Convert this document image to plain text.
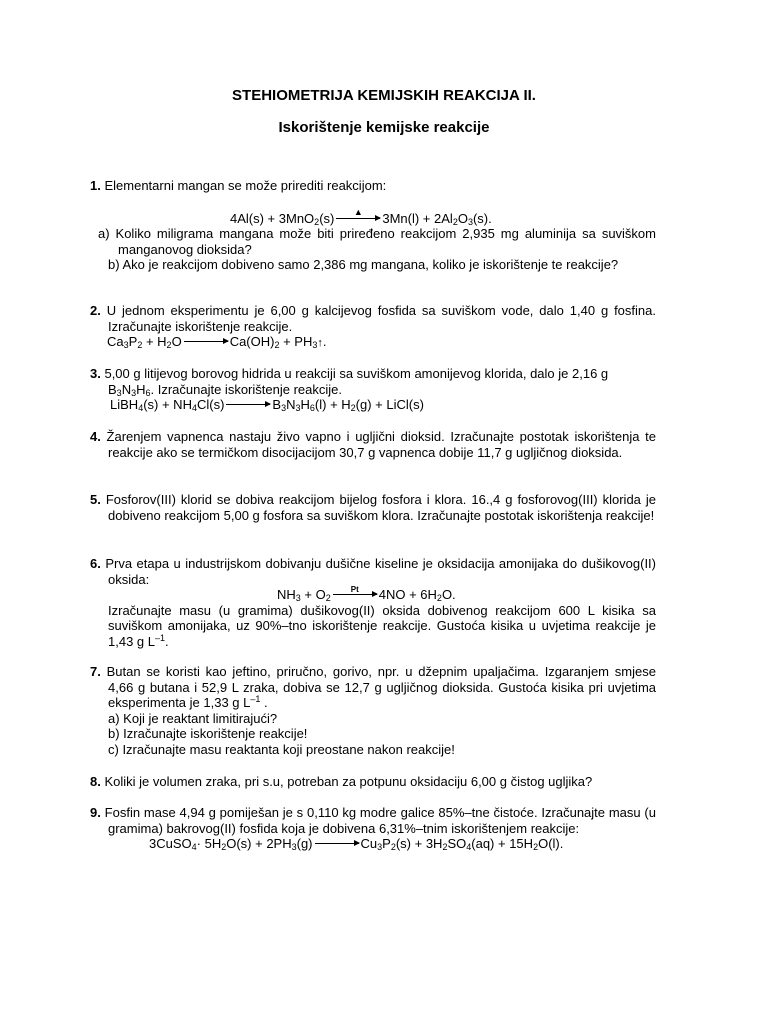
STEHIOMETRIJA KEMIJSKIH REAKCIJA II.
Iskorištenje kemijske reakcije
1. Elementarni mangan se može prirediti reakcijom:
4Al(s) + 3MnO$_2$(s) ▲ $3Mn(l) + 2Al_2O_3(s)$.
a) Koliko miligrama mangana može biti priređeno reakcijom 2,935 mg aluminija sa suviškom manganovog dioksida?
b) Ako je reakcijom dobiveno samo 2,386 mg mangana, koliko je iskorištenje te reakcije?
2. U jednom eksperimentu je 6,00 g kalcijevog fosfida sa suviškom vode, dalo 1,40 g fosfina. Izračunajte iskorištenje reakcije.
$Ca_3P_2 + H_2O$	$Ca(OH)_2$ + $PH_3↑$.
3. 5,00 g litijevog borovog hidrida u reakciji sa suviškom amonijevog klorida, dalo je 2,16 g $B_3N_3H_6$. Izračunajte iskorištenje reakcije.
LiBH$_4$(s) + $NH_4Cl(s)$	$B_3N_3H_6(l) + H_2(g)$ + LiCl(s)
4. Žarenjem vapnenca nastaju živo vapno i ugljični dioksid. Izračunajte postotak iskorištenja te reakcije ako se termičkom disocijacijom 30,7 g vapnenca dobije 11,7 g ugljičnog dioksida.
5. Fosforov(III) klorid se dobiva reakcijom bijelog fosfora i klora. 16.,4 g fosforovog(III) klorida je dobiveno reakcijom 5,00 g fosfora sa suviškom klora. Izračunajte postotak iskorištenja reakcije!
6. Prva etapa u industrijskom dobivanju dušične kiseline je oksidacija amonijaka do dušikovog(II) oksida:
$NH_3 + O_2$
Pt $4NO + 6H_2O$.
Izračunajte masu (u gramima) dušikovog(II) oksida dobivenog reakcijom 600 L kisika sa suviškom amonijaka, uz 90%–tno iskorištenje reakcije. Gustoća kisika u uvjetima reakcije je 1,43 g $L^{-1}$.
7. Butan se koristi kao jeftino, priručno, gorivo, npr. u džepnim upaljačima. Izgaranjem smjese 4,66 g butana i 52,9 L zraka, dobiva se 12,7 g ugljičnog dioksida. Gustoća kisika pri uvjetima eksperimenta je 1,33 g $L^{-1}$ .
a) Koji je reaktant limitirajući?
b) Izračunajte iskorištenje reakcije!
c) Izračunajte masu reaktanta koji preostane nakon reakcije!
8. Koliki je volumen zraka, pri s.u, potreban za potpunu oksidaciju 6,00 g čistog ugljika?
9. Fosfin mase 4,94 g pomiješan je s 0,110 kg modre galice 85%–tne čistoće. Izračunajte masu (u gramima) bakrovog(II) fosfida koja je dobivena 6,31%–tnim iskorištenjem reakcije:
3CuSO$_4$· $5H_2O(s) + 2PH_3(g)$	$Cu_3P_2(s) + 3H_2SO_4(aq) + 15H_2O(l)$.
